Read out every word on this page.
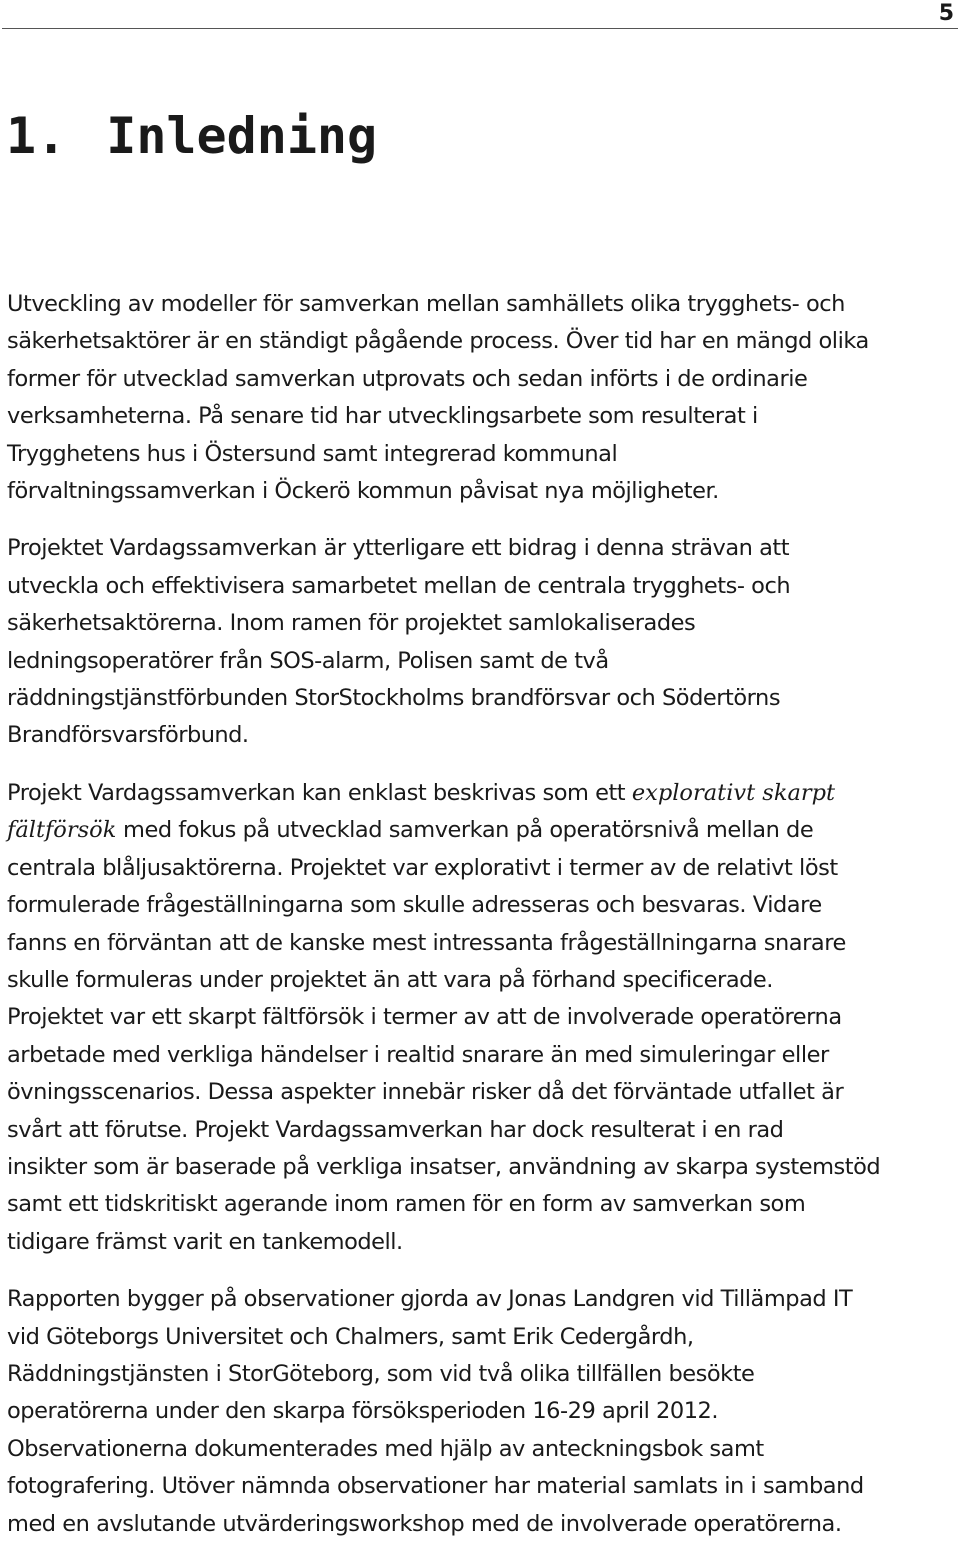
5
1. Inledning

Utveckling av modeller för samverkan mellan samhällets olika trygghets- och
säkerhetsaktörer är en ständigt pågående process. Över tid har en mängd olika
former för utvecklad samverkan utprovats och sedan införts i de ordinarie
verksamheterna. På senare tid har utvecklingsarbete som resulterat i
Trygghetens hus i Östersund samt integrerad kommunal
förvaltningssamverkan i Öckerö kommun påvisat nya möjligheter.

Projektet Vardagssamverkan är ytterligare ett bidrag i denna strävan att
utveckla och effektivisera samarbetet mellan de centrala trygghets- och
säkerhetsaktörerna. Inom ramen för projektet samlokaliserades
ledningsoperatörer från SOS-alarm, Polisen samt de två
räddningstjänstförbunden StorStockholms brandförsvar och Södertörns
Brandförsvarsförbund.

Projekt Vardagssamverkan kan enklast beskrivas som ett explorativt skarpt
fältförsök med fokus på utvecklad samverkan på operatörsnivå mellan de
centrala blåljusaktörerna. Projektet var explorativt i termer av de relativt löst
formulerade frågeställningarna som skulle adresseras och besvaras. Vidare
fanns en förväntan att de kanske mest intressanta frågeställningarna snarare
skulle formuleras under projektet än att vara på förhand specificerade.
Projektet var ett skarpt fältförsök i termer av att de involverade operatörerna
arbetade med verkliga händelser i realtid snarare än med simuleringar eller
övningsscenarios. Dessa aspekter innebär risker då det förväntade utfallet är
svårt att förutse. Projekt Vardagssamverkan har dock resulterat i en rad
insikter som är baserade på verkliga insatser, användning av skarpa systemstöd
samt ett tidskritiskt agerande inom ramen för en form av samverkan som
tidigare främst varit en tankemodell.

Rapporten bygger på observationer gjorda av Jonas Landgren vid Tillämpad IT
vid Göteborgs Universitet och Chalmers, samt Erik Cedergårdh,
Räddningstjänsten i StorGöteborg, som vid två olika tillfällen besökte
operatörerna under den skarpa försöksperioden 16-29 april 2012.
Observationerna dokumenterades med hjälp av anteckningsbok samt
fotografering. Utöver nämnda observationer har material samlats in i samband
med en avslutande utvärderingsworkshop med de involverade operatörerna.
